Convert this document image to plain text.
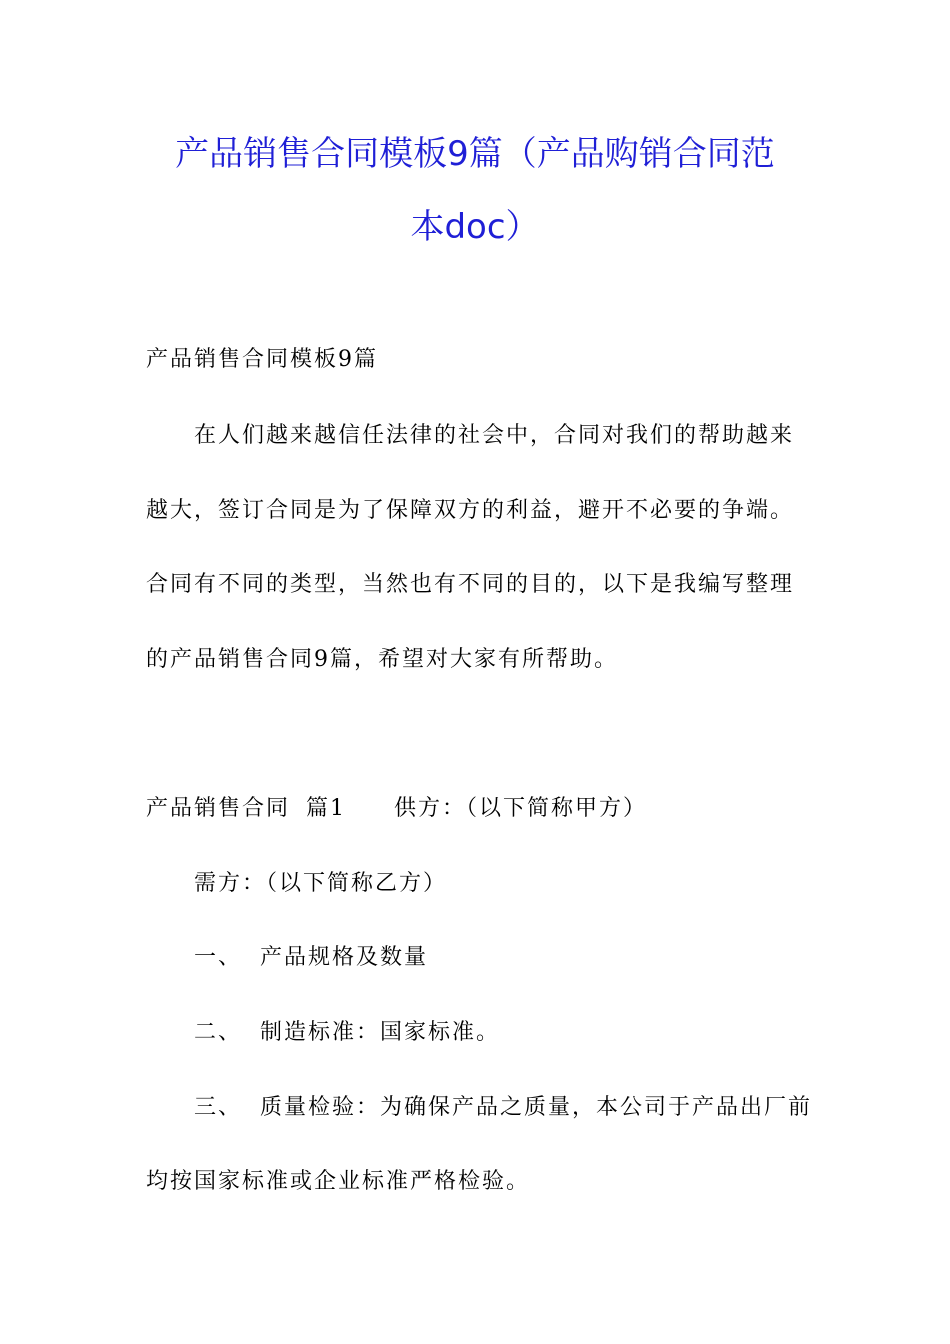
产品销售合同模板9篇（产品购销合同范
本doc）
产品销售合同模板9篇
在人们越来越信任法律的社会中，合同对我们的帮助越来
越大，签订合同是为了保障双方的利益，避开不必要的争端。
合同有不同的类型，当然也有不同的目的，以下是我编写整理
的产品销售合同9篇，希望对大家有所帮助。
产品销售合同 篇1 供方：（以下简称甲方）
需方：（以下简称乙方）
一、 产品规格及数量
二、 制造标准：国家标准。
三、 质量检验：为确保产品之质量，本公司于产品出厂前
均按国家标准或企业标准严格检验。
